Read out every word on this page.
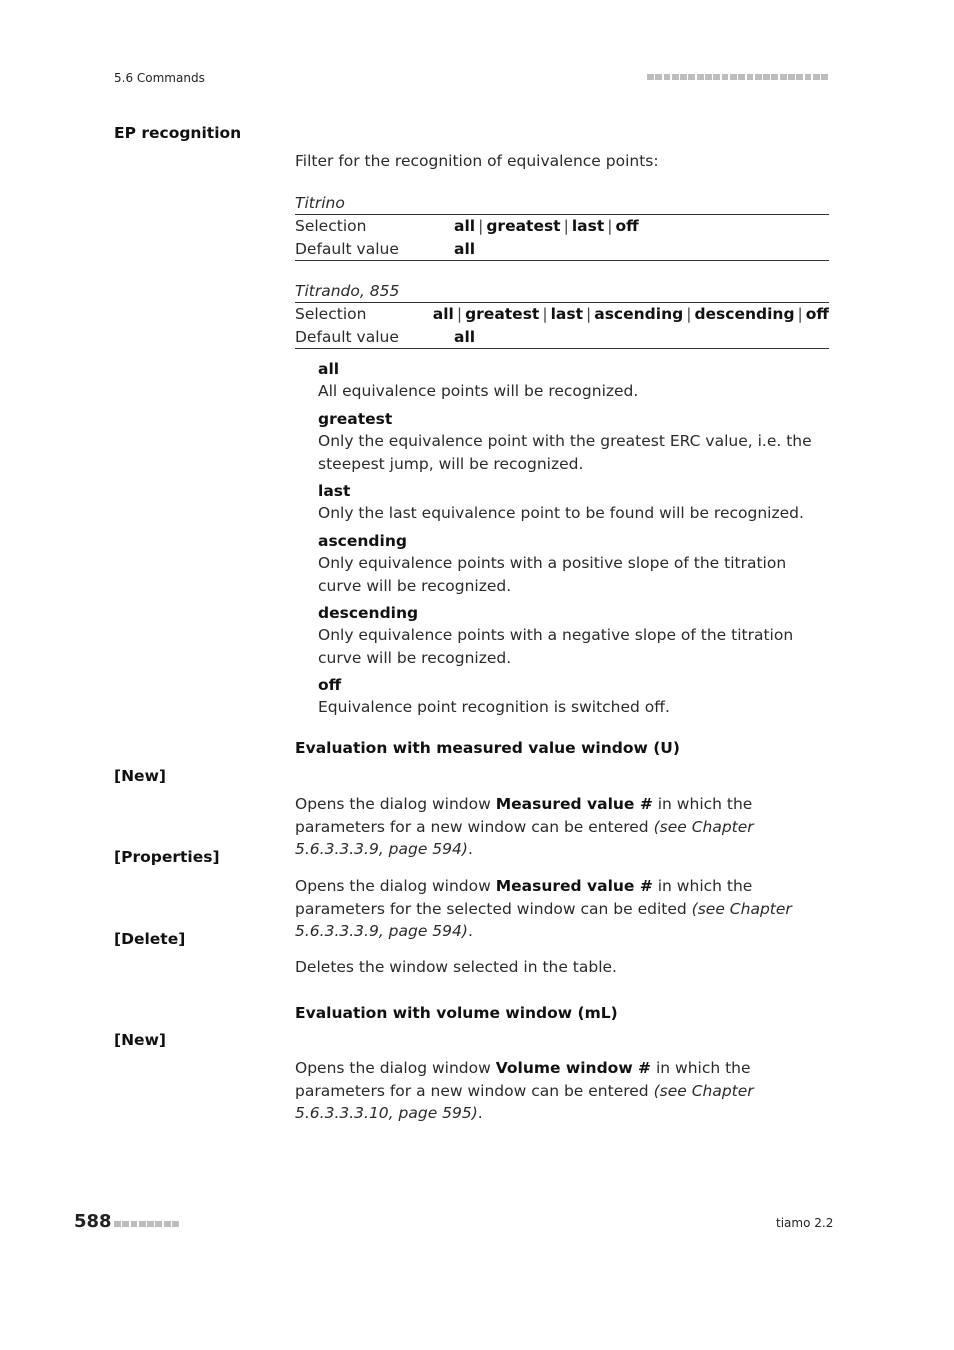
5.6 Commands
EP recognition
Filter for the recognition of equivalence points:
Titrino
Selection	all | greatest | last | off
Default value	all
Titrando, 855
Selection	all | greatest | last | ascending | descending | off
Default value	all
all
All equivalence points will be recognized.
greatest
Only the equivalence point with the greatest ERC value, i.e. the steepest jump, will be recognized.
last
Only the last equivalence point to be found will be recognized.
ascending
Only equivalence points with a positive slope of the titration curve will be recognized.
descending
Only equivalence points with a negative slope of the titration curve will be recognized.
off
Equivalence point recognition is switched off.
Evaluation with measured value window (U)
[New]
Opens the dialog window Measured value # in which the parameters for a new window can be entered (see Chapter 5.6.3.3.3.9, page 594).
[Properties]
Opens the dialog window Measured value # in which the parameters for the selected window can be edited (see Chapter 5.6.3.3.3.9, page 594).
[Delete]
Deletes the window selected in the table.
Evaluation with volume window (mL)
[New]
Opens the dialog window Volume window # in which the parameters for a new window can be entered (see Chapter 5.6.3.3.3.10, page 595).
588	tiamo 2.2
